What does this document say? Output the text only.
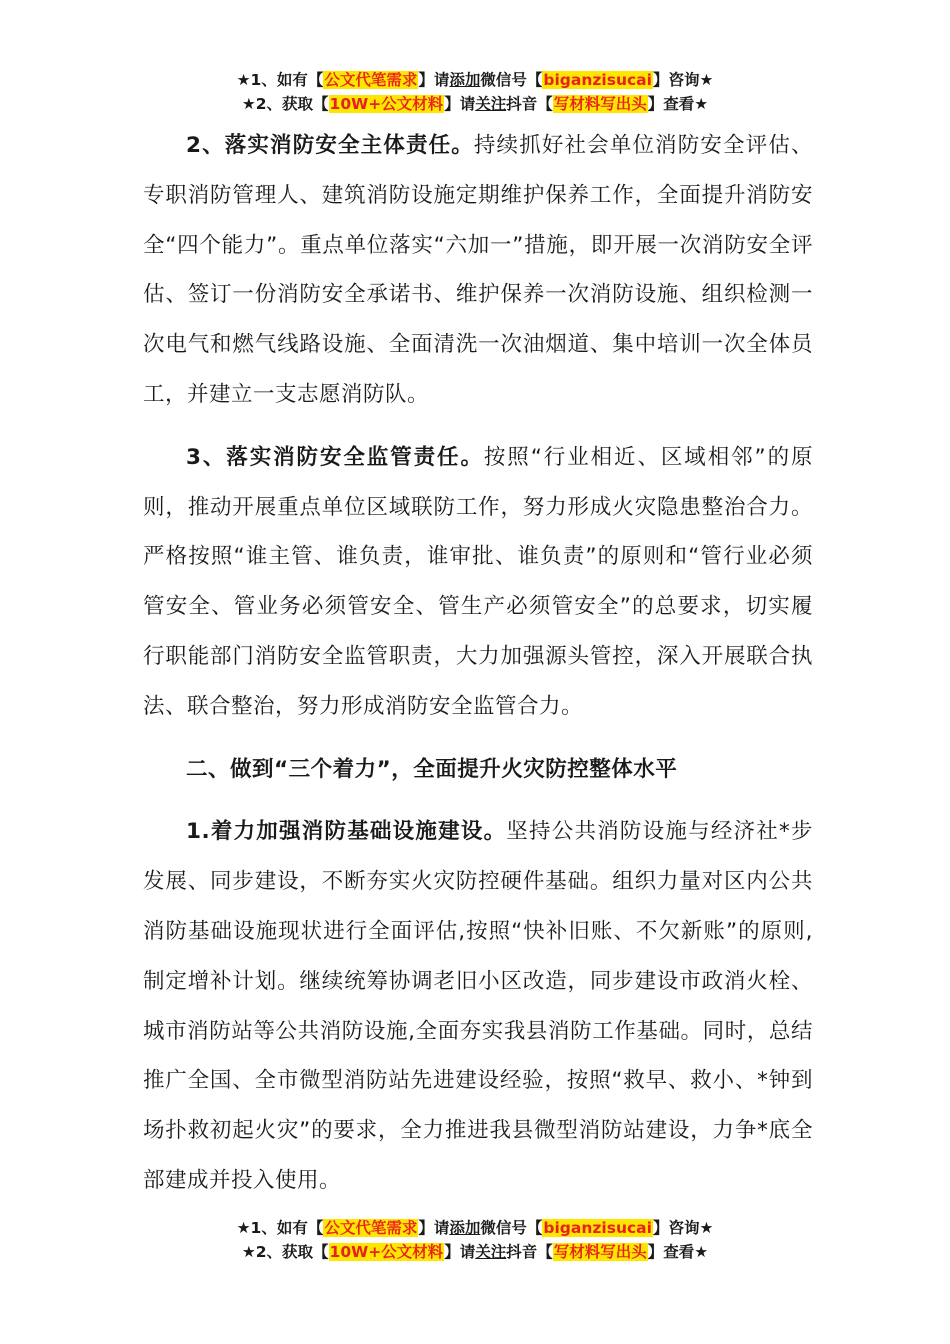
★1、如有【公文代笔需求】请添加微信号【biganzisucai】咨询★
★2、获取【10W+公文材料】请关注抖音【写材料写出头】查看★

2、落实消防安全主体责任。持续抓好社会单位消防安全评估、专职消防管理人、建筑消防设施定期维护保养工作，全面提升消防安全“四个能力”。重点单位落实“六加一”措施，即开展一次消防安全评估、签订一份消防安全承诺书、维护保养一次消防设施、组织检测一次电气和燃气线路设施、全面清洗一次油烟道、集中培训一次全体员工，并建立一支志愿消防队。

3、落实消防安全监管责任。按照“行业相近、区域相邻”的原则，推动开展重点单位区域联防工作，努力形成火灾隐患整治合力。严格按照“谁主管、谁负责，谁审批、谁负责”的原则和“管行业必须管安全、管业务必须管安全、管生产必须管安全”的总要求，切实履行职能部门消防安全监管职责，大力加强源头管控，深入开展联合执法、联合整治，努力形成消防安全监管合力。

二、做到“三个着力”，全面提升火灾防控整体水平

1.着力加强消防基础设施建设。坚持公共消防设施与经济社*步发展、同步建设，不断夯实火灾防控硬件基础。组织力量对区内公共消防基础设施现状进行全面评估,按照“快补旧账、不欠新账”的原则,制定增补计划。继续统筹协调老旧小区改造，同步建设市政消火栓、城市消防站等公共消防设施,全面夯实我县消防工作基础。同时，总结推广全国、全市微型消防站先进建设经验，按照“救早、救小、*钟到场扑救初起火灾”的要求，全力推进我县微型消防站建设，力争*底全部建成并投入使用。

★1、如有【公文代笔需求】请添加微信号【biganzisucai】咨询★
★2、获取【10W+公文材料】请关注抖音【写材料写出头】查看★
